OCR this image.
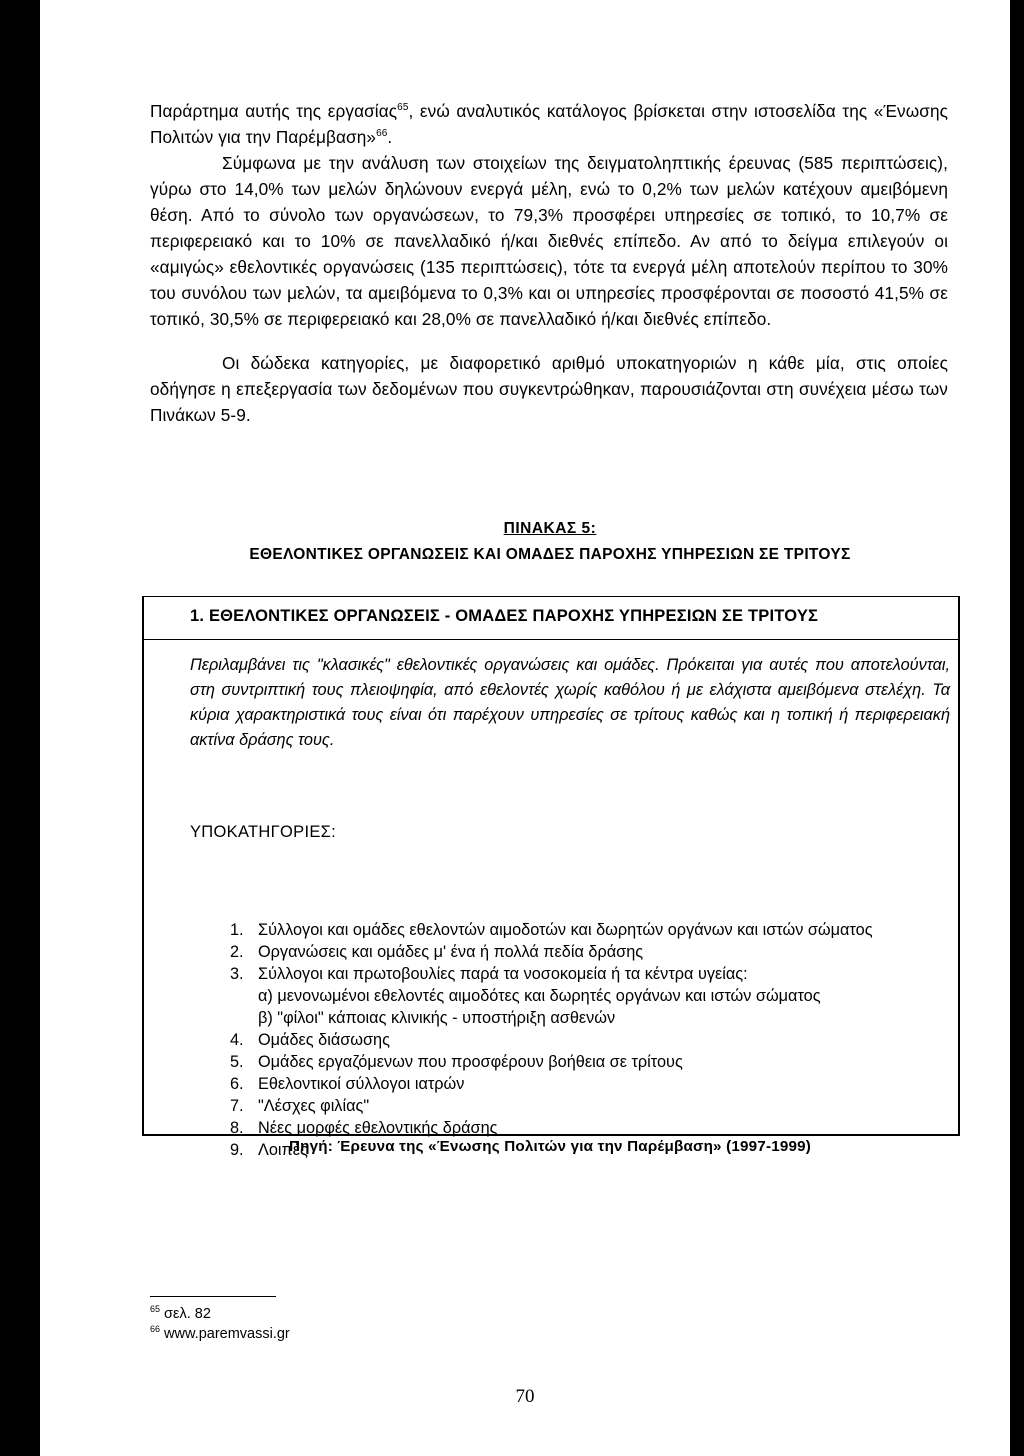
Παράρτημα αυτής της εργασίας$^{65}$, ενώ αναλυτικός κατάλογος βρίσκεται στην ιστοσελίδα της «Ένωσης Πολιτών για την Παρέμβαση»$^{66}$.

Σύμφωνα με την ανάλυση των στοιχείων της δειγματοληπτικής έρευνας (585 περιπτώσεις), γύρω στο 14,0% των μελών δηλώνουν ενεργά μέλη, ενώ το 0,2% των μελών κατέχουν αμειβόμενη θέση. Από το σύνολο των οργανώσεων, το 79,3% προσφέρει υπηρεσίες σε τοπικό, το 10,7% σε περιφερειακό και το 10% σε πανελλαδικό ή/και διεθνές επίπεδο. Αν από το δείγμα επιλεγούν οι «αμιγώς» εθελοντικές οργανώσεις (135 περιπτώσεις), τότε τα ενεργά μέλη αποτελούν περίπου το 30% του συνόλου των μελών, τα αμειβόμενα το 0,3% και οι υπηρεσίες προσφέρονται σε ποσοστό 41,5% σε τοπικό, 30,5% σε περιφερειακό και 28,0% σε πανελλαδικό ή/και διεθνές επίπεδο.

Οι δώδεκα κατηγορίες, με διαφορετικό αριθμό υποκατηγοριών η κάθε μία, στις οποίες οδήγησε η επεξεργασία των δεδομένων που συγκεντρώθηκαν, παρουσιάζονται στη συνέχεια μέσω των Πινάκων 5-9.

ΠΙΝΑΚΑΣ 5:
ΕΘΕΛΟΝΤΙΚΕΣ ΟΡΓΑΝΩΣΕΙΣ ΚΑΙ ΟΜΑΔΕΣ ΠΑΡΟΧΗΣ ΥΠΗΡΕΣΙΩΝ ΣΕ ΤΡΙΤΟΥΣ
1. ΕΘΕΛΟΝΤΙΚΕΣ ΟΡΓΑΝΩΣΕΙΣ - ΟΜΑΔΕΣ ΠΑΡΟΧΗΣ ΥΠΗΡΕΣΙΩΝ ΣΕ ΤΡΙΤΟΥΣ
Περιλαμβάνει τις "κλασικές" εθελοντικές οργανώσεις και ομάδες. Πρόκειται για αυτές που αποτελούνται, στη συντριπτική τους πλειοψηφία, από εθελοντές χωρίς καθόλου ή με ελάχιστα αμειβόμενα στελέχη. Τα κύρια χαρακτηριστικά τους είναι ότι παρέχουν υπηρεσίες σε τρίτους καθώς και η τοπική ή περιφερειακή ακτίνα δράσης τους.
ΥΠΟΚΑΤΗΓΟΡΙΕΣ:
1. Σύλλογοι και ομάδες εθελοντών αιμοδοτών και δωρητών οργάνων και ιστών σώματος
2. Οργανώσεις και ομάδες μ' ένα ή πολλά πεδία δράσης
3. Σύλλογοι και πρωτοβουλίες παρά τα νοσοκομεία ή τα κέντρα υγείας:
α) μενονωμένοι εθελοντές αιμοδότες και δωρητές οργάνων και ιστών σώματος
β) "φίλοι" κάποιας κλινικής - υποστήριξη ασθενών
4. Ομάδες διάσωσης
5. Ομάδες εργαζόμενων που προσφέρουν βοήθεια σε τρίτους
6. Εθελοντικοί σύλλογοι ιατρών
7. "Λέσχες φιλίας"
8. Νέες μορφές εθελοντικής δράσης
9. Λοιπές
Πηγή: Έρευνα της «Ένωσης Πολιτών για την Παρέμβαση» (1997-1999)
$^{65}$ σελ. 82
$^{66}$ www.paremvassi.gr
70
